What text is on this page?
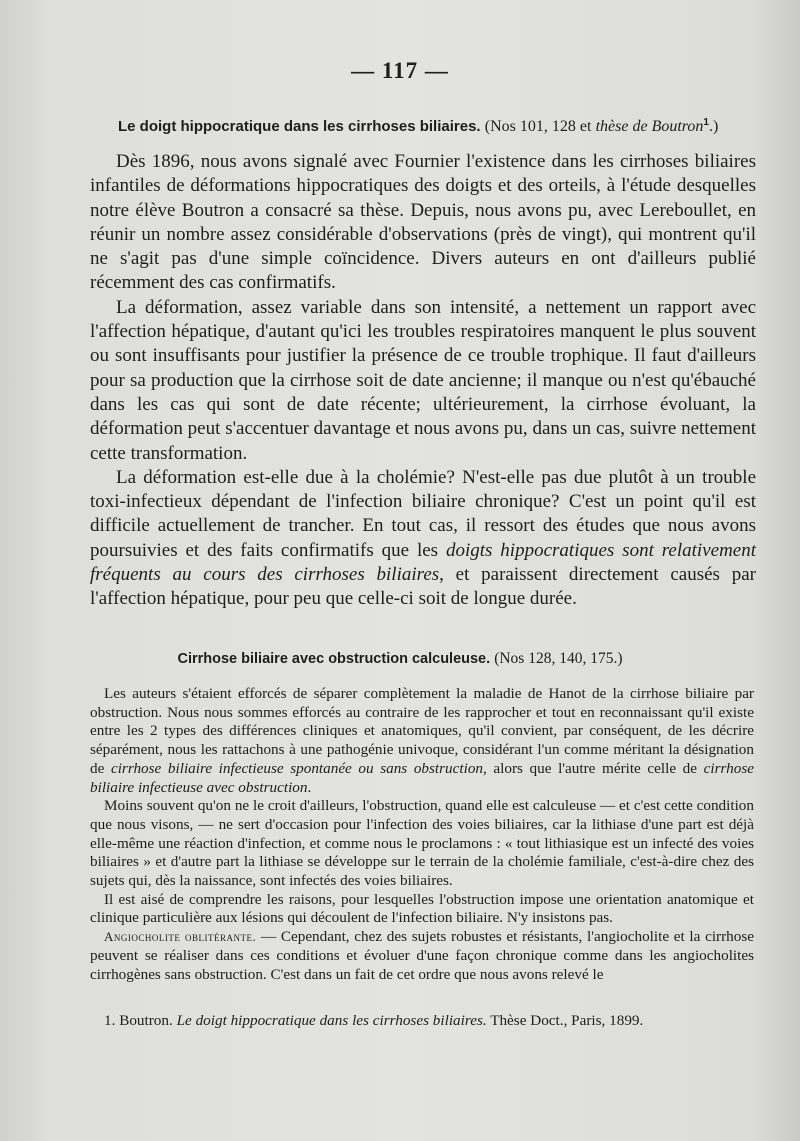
— 117 —
Le doigt hippocratique dans les cirrhoses biliaires. (Nos 101, 128 et thèse de Boutron$^1$.)

Dès 1896, nous avons signalé avec Fournier l'existence dans les cirrhoses biliaires infantiles de déformations hippocratiques des doigts et des orteils, à l'étude desquelles notre élève Boutron a consacré sa thèse. Depuis, nous avons pu, avec Lereboullet, en réunir un nombre assez considérable d'observations (près de vingt), qui montrent qu'il ne s'agit pas d'une simple coïncidence. Divers auteurs en ont d'ailleurs publié récemment des cas confirmatifs.

La déformation, assez variable dans son intensité, a nettement un rapport avec l'affection hépatique, d'autant qu'ici les troubles respiratoires manquent le plus souvent ou sont insuffisants pour justifier la présence de ce trouble trophique. Il faut d'ailleurs pour sa production que la cirrhose soit de date ancienne; il manque ou n'est qu'ébauché dans les cas qui sont de date récente; ultérieurement, la cirrhose évoluant, la déformation peut s'accentuer davantage et nous avons pu, dans un cas, suivre nettement cette transformation.

La déformation est-elle due à la cholémie? N'est-elle pas due plutôt à un trouble toxi-infectieux dépendant de l'infection biliaire chronique? C'est un point qu'il est difficile actuellement de trancher. En tout cas, il ressort des études que nous avons poursuivies et des faits confirmatifs que les doigts hippocratiques sont relativement fréquents au cours des cirrhoses biliaires, et paraissent directement causés par l'affection hépatique, pour peu que celle-ci soit de longue durée.

Cirrhose biliaire avec obstruction calculeuse. (Nos 128, 140, 175.)

Les auteurs s'étaient efforcés de séparer complètement la maladie de Hanot de la cirrhose biliaire par obstruction. Nous nous sommes efforcés au contraire de les rapprocher et tout en reconnaissant qu'il existe entre les 2 types des différences cliniques et anatomiques, qu'il convient, par conséquent, de les décrire séparément, nous les rattachons à une pathogénie univoque, considérant l'un comme méritant la désignation de cirrhose biliaire infectieuse spontanée ou sans obstruction, alors que l'autre mérite celle de cirrhose biliaire infectieuse avec obstruction.

Moins souvent qu'on ne le croit d'ailleurs, l'obstruction, quand elle est calculeuse — et c'est cette condition que nous visons, — ne sert d'occasion pour l'infection des voies biliaires, car la lithiase d'une part est déjà elle-même une réaction d'infection, et comme nous le proclamons : « tout lithiasique est un infecté des voies biliaires » et d'autre part la lithiase se développe sur le terrain de la cholémie familiale, c'est-à-dire chez des sujets qui, dès la naissance, sont infectés des voies biliaires.

Il est aisé de comprendre les raisons, pour lesquelles l'obstruction impose une orientation anatomique et clinique particulière aux lésions qui découlent de l'infection biliaire. N'y insistons pas.

Angiocholite oblitérante. — Cependant, chez des sujets robustes et résistants, l'angiocholite et la cirrhose peuvent se réaliser dans ces conditions et évoluer d'une façon chronique comme dans les angiocholites cirrhogènes sans obstruction. C'est dans un fait de cet ordre que nous avons relevé le

1. Boutron. Le doigt hippocratique dans les cirrhoses biliaires. Thèse Doct., Paris, 1899.
